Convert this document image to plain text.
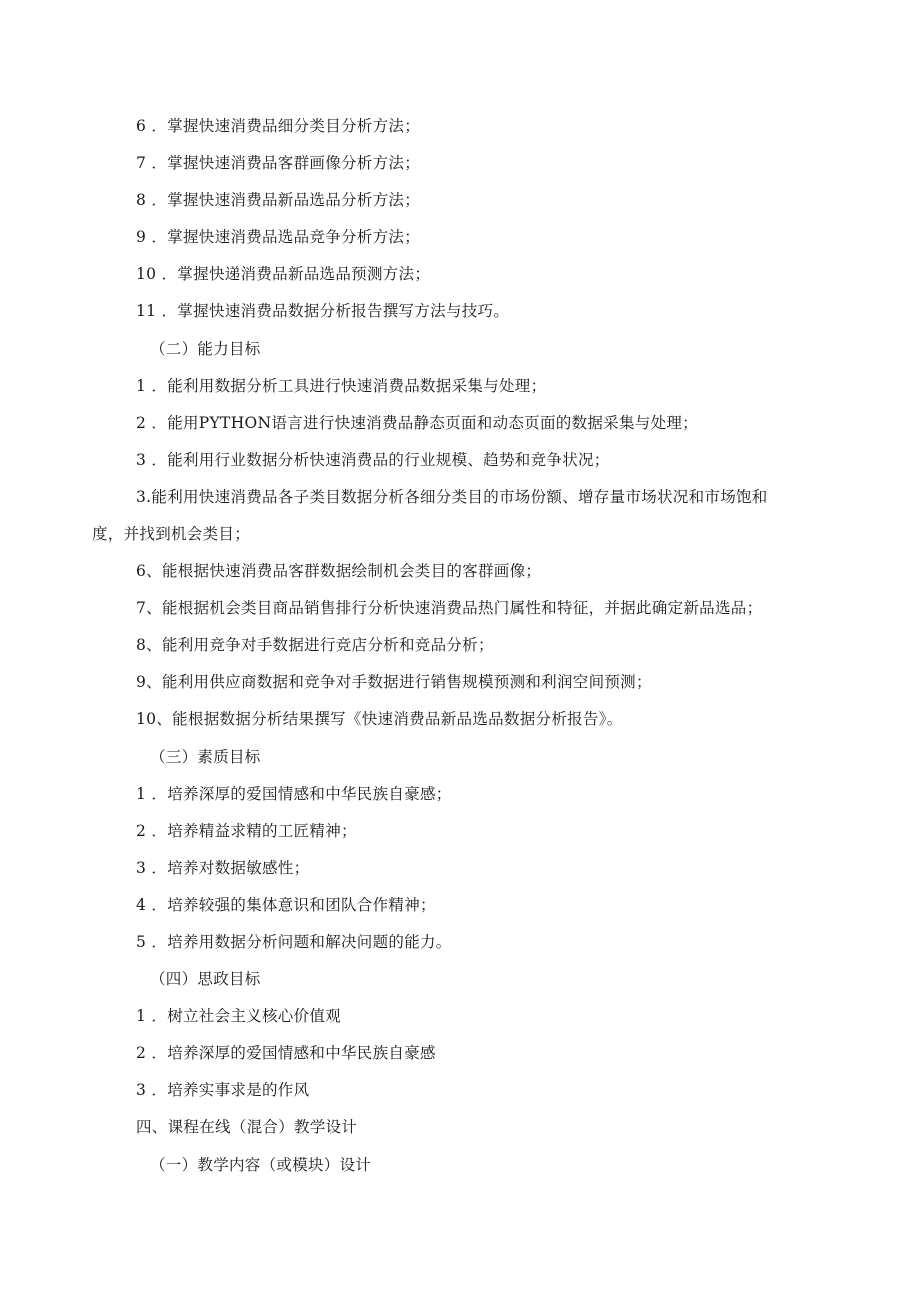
6 ．掌握快速消费品细分类目分析方法；
7 ．掌握快速消费品客群画像分析方法；
8 ．掌握快速消费品新品选品分析方法；
9 ．掌握快速消费品选品竞争分析方法；
10 ．掌握快递消费品新品选品预测方法；
11 ．掌握快速消费品数据分析报告撰写方法与技巧。
（二）能力目标
1 ．能利用数据分析工具进行快速消费品数据采集与处理；
2 ．能用PYTHON语言进行快速消费品静态页面和动态页面的数据采集与处理；
3 ．能利用行业数据分析快速消费品的行业规模、趋势和竞争状况；
3.能利用快速消费品各子类目数据分析各细分类目的市场份额、增存量市场状况和市场饱和
度，并找到机会类目；
6、能根据快速消费品客群数据绘制机会类目的客群画像；
7、能根据机会类目商品销售排行分析快速消费品热门属性和特征，并据此确定新品选品；
8、能利用竞争对手数据进行竞店分析和竞品分析；
9、能利用供应商数据和竞争对手数据进行销售规模预测和利润空间预测；
10、能根据数据分析结果撰写《快速消费品新品选品数据分析报告》。
（三）素质目标
1 ．培养深厚的爱国情感和中华民族自豪感；
2 ．培养精益求精的工匠精神；
3 ．培养对数据敏感性；
4 ．培养较强的集体意识和团队合作精神；
5 ．培养用数据分析问题和解决问题的能力。
（四）思政目标
1 ．树立社会主义核心价值观
2 ．培养深厚的爱国情感和中华民族自豪感
3 ．培养实事求是的作风
四、课程在线（混合）教学设计
（一）教学内容（或模块）设计
